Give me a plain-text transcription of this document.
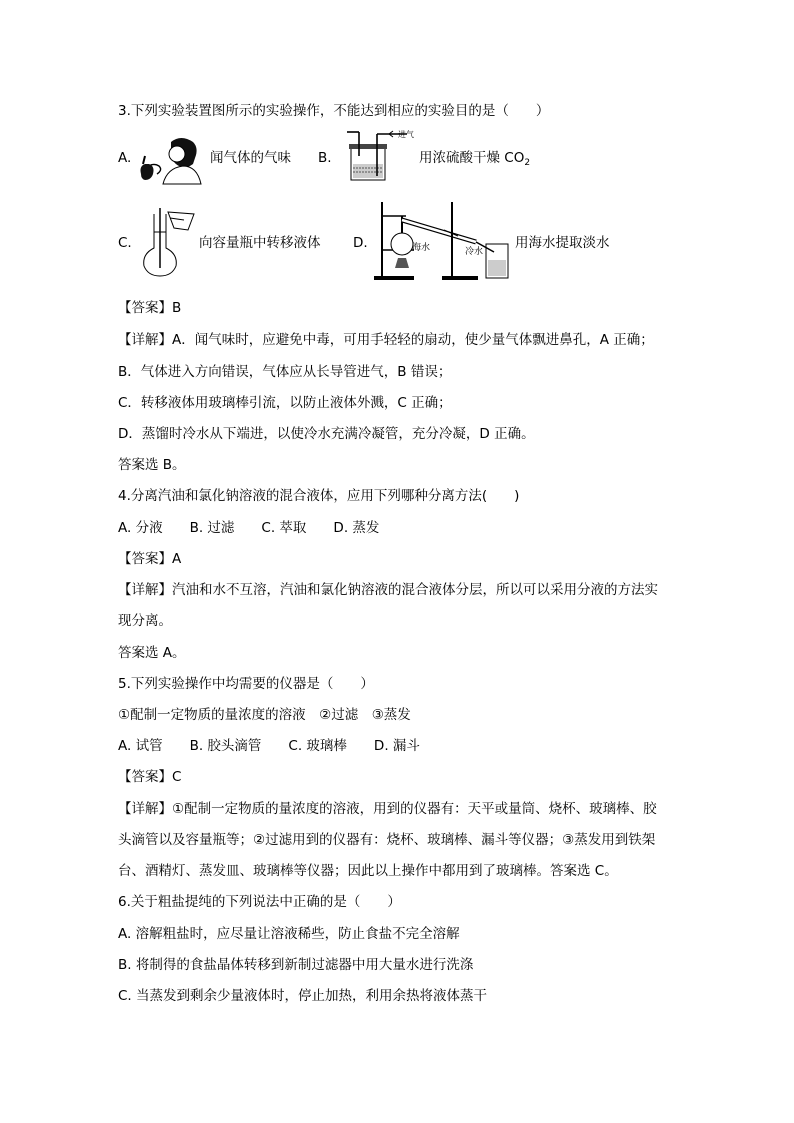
3.下列实验装置图所示的实验操作，不能达到相应的实验目的是（　　）
A.	闻气体的气味 B.
进气
用浓硫酸干燥 $CO_2$
C.	向容量瓶中转移液体 D.	海水	冷水
用海水提取淡水
【答案】B
【详解】A．闻气味时，应避免中毒，可用手轻轻的扇动，使少量气体飘进鼻孔，A 正确；
B．气体进入方向错误，气体应从长导管进气，B 错误；
C．转移液体用玻璃棒引流，以防止液体外溅，C 正确；
D．蒸馏时冷水从下端进，以使冷水充满冷凝管，充分冷凝，D 正确。
答案选 B。
4.分离汽油和氯化钠溶液的混合液体，应用下列哪种分离方法(　　)
A. 分液　　B. 过滤　　C. 萃取　　D. 蒸发
【答案】A
【详解】汽油和水不互溶，汽油和氯化钠溶液的混合液体分层，所以可以采用分液的方法实
现分离。
答案选 A。
5.下列实验操作中均需要的仪器是（　　）
①配制一定物质的量浓度的溶液　②过滤　③蒸发
A. 试管　　B. 胶头滴管　　C. 玻璃棒　　D. 漏斗
【答案】C
【详解】①配制一定物质的量浓度的溶液，用到的仪器有：天平或量筒、烧杯、玻璃棒、胶
头滴管以及容量瓶等；②过滤用到的仪器有：烧杯、玻璃棒、漏斗等仪器；③蒸发用到铁架
台、酒精灯、蒸发皿、玻璃棒等仪器；因此以上操作中都用到了玻璃棒。答案选 C。
6.关于粗盐提纯的下列说法中正确的是（　　）
A. 溶解粗盐时，应尽量让溶液稀些，防止食盐不完全溶解
B. 将制得的食盐晶体转移到新制过滤器中用大量水进行洗涤
C. 当蒸发到剩余少量液体时，停止加热，利用余热将液体蒸干
